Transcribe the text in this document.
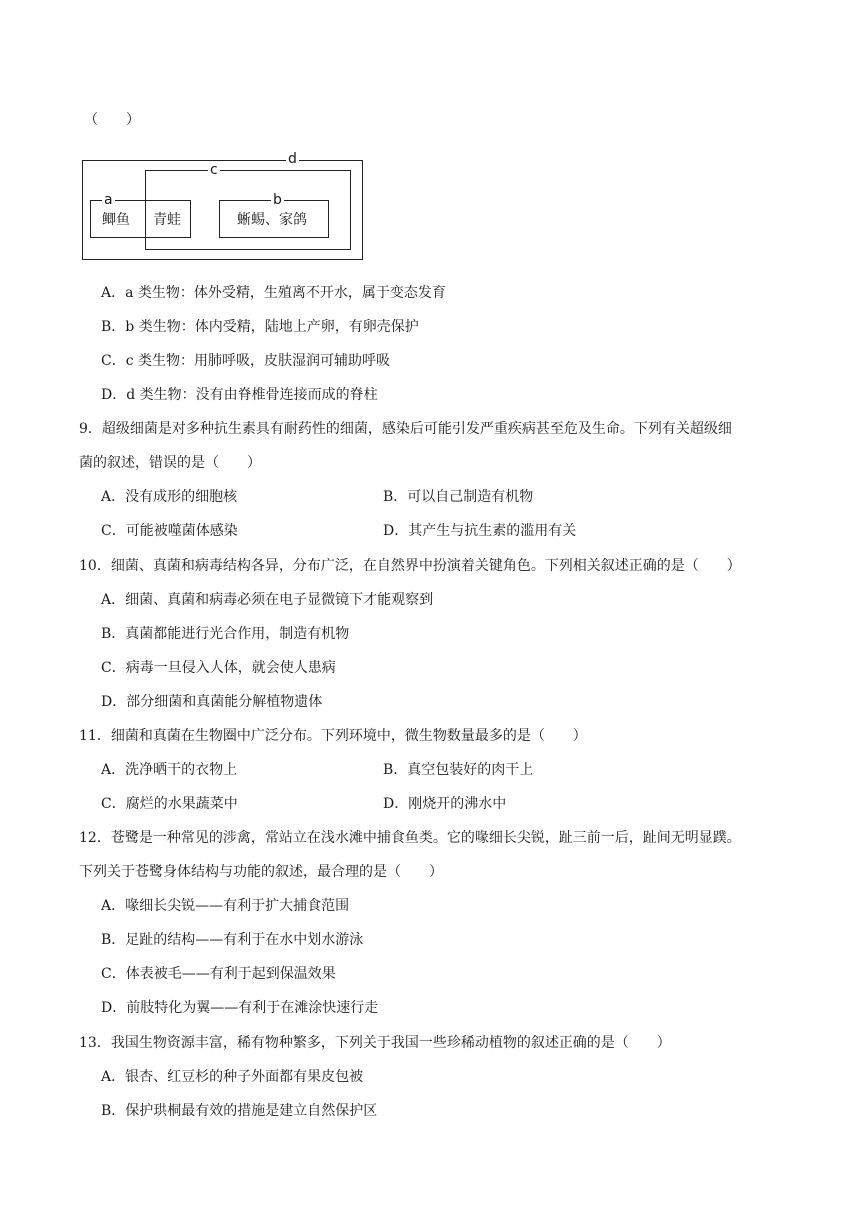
（　　）
d
c
a	b
鲫鱼 青蛙	蜥蜴、家鸽
A．a 类生物：体外受精，生殖离不开水，属于变态发育
B．b 类生物：体内受精，陆地上产卵，有卵壳保护
C．c 类生物：用肺呼吸，皮肤湿润可辅助呼吸
D．d 类生物：没有由脊椎骨连接而成的脊柱
9．超级细菌是对多种抗生素具有耐药性的细菌，感染后可能引发严重疾病甚至危及生命。下列有关超级细
菌的叙述，错误的是（　　）
A．没有成形的细胞核	B．可以自己制造有机物
C．可能被噬菌体感染	D．其产生与抗生素的滥用有关
10．细菌、真菌和病毒结构各异，分布广泛，在自然界中扮演着关键角色。下列相关叙述正确的是（　　）
A．细菌、真菌和病毒必须在电子显微镜下才能观察到
B．真菌都能进行光合作用，制造有机物
C．病毒一旦侵入人体，就会使人患病
D．部分细菌和真菌能分解植物遗体
11．细菌和真菌在生物圈中广泛分布。下列环境中，微生物数量最多的是（　　）
A．洗净晒干的衣物上	B．真空包装好的肉干上
C．腐烂的水果蔬菜中	D．刚烧开的沸水中
12．苍鹭是一种常见的涉禽，常站立在浅水滩中捕食鱼类。它的喙细长尖锐，趾三前一后，趾间无明显蹼。
下列关于苍鹭身体结构与功能的叙述，最合理的是（　　）
A．喙细长尖锐——有利于扩大捕食范围
B．足趾的结构——有利于在水中划水游泳
C．体表被毛——有利于起到保温效果
D．前肢特化为翼——有利于在滩涂快速行走
13．我国生物资源丰富，稀有物种繁多，下列关于我国一些珍稀动植物的叙述正确的是（　　）
A．银杏、红豆杉的种子外面都有果皮包被
B．保护珙桐最有效的措施是建立自然保护区
